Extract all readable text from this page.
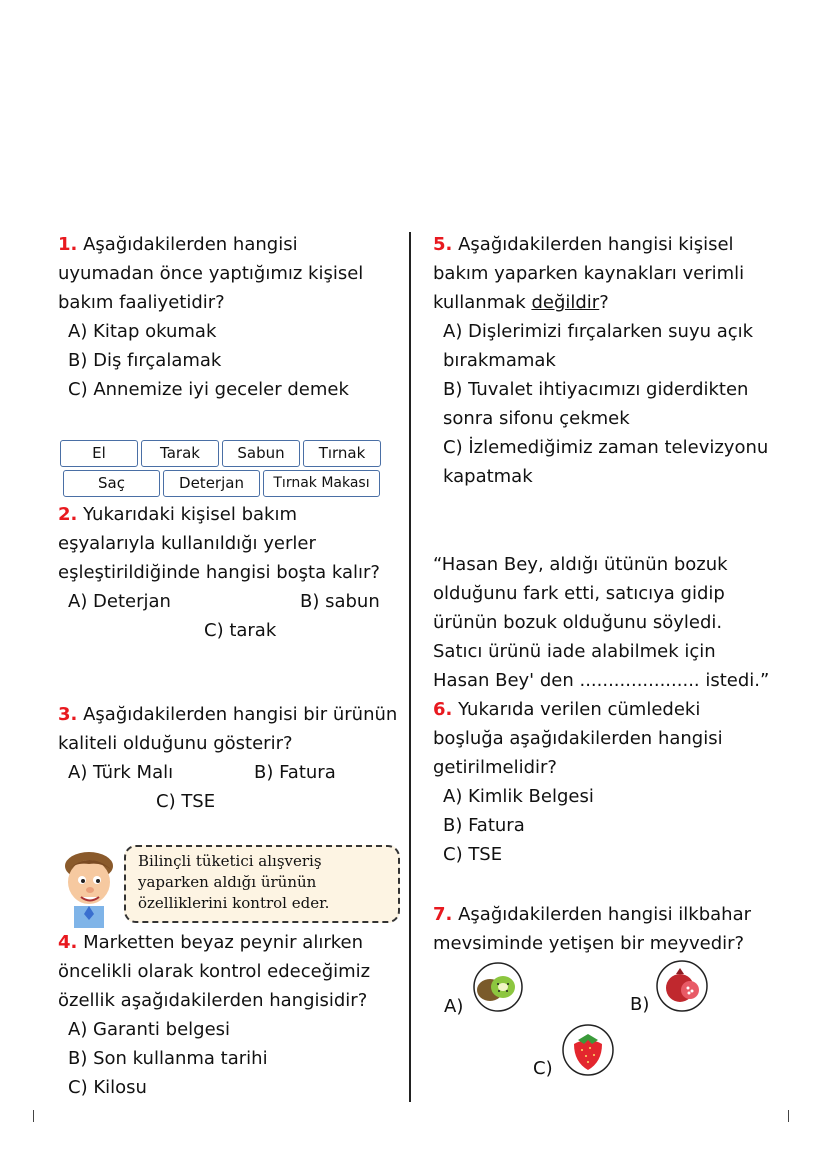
1. Aşağıdakilerden hangisi uyumadan önce yaptığımız kişisel bakım faaliyetidir?
A) Kitap okumak
B) Diş fırçalamak
C) Annemize iyi geceler demek
El	Tarak	Sabun	Tırnak
Saç	Deterjan	Tırnak Makası
2. Yukarıdaki kişisel bakım eşyalarıyla kullanıldığı yerler eşleştirildiğinde hangisi boşta kalır?
A) Deterjan	B) sabun
C) tarak
3. Aşağıdakilerden hangisi bir ürünün kaliteli olduğunu gösterir?
A) Türk Malı	B) Fatura
C) TSE
Bilinçli tüketici alışveriş
yaparken aldığı ürünün
özelliklerini kontrol eder.
4. Marketten beyaz peynir alırken öncelikli olarak kontrol edeceğimiz özellik aşağıdakilerden hangisidir?
A) Garanti belgesi
B) Son kullanma tarihi
C) Kilosu
5. Aşağıdakilerden hangisi kişisel bakım yaparken kaynakları verimli kullanmak değildir?
A) Dişlerimizi fırçalarken suyu açık bırakmamak
B) Tuvalet ihtiyacımızı giderdikten sonra sifonu çekmek
C) İzlemediğimiz zaman televizyonu kapatmak
“Hasan Bey, aldığı ütünün bozuk olduğunu fark etti, satıcıya gidip ürünün bozuk olduğunu söyledi. Satıcı ürünü iade alabilmek için Hasan Bey' den ..................... istedi.”
6. Yukarıda verilen cümledeki boşluğa aşağıdakilerden hangisi getirilmelidir?
A) Kimlik Belgesi
B) Fatura
C) TSE
7. Aşağıdakilerden hangisi ilkbahar mevsiminde yetişen bir meyvedir?
A)	B)
C)
